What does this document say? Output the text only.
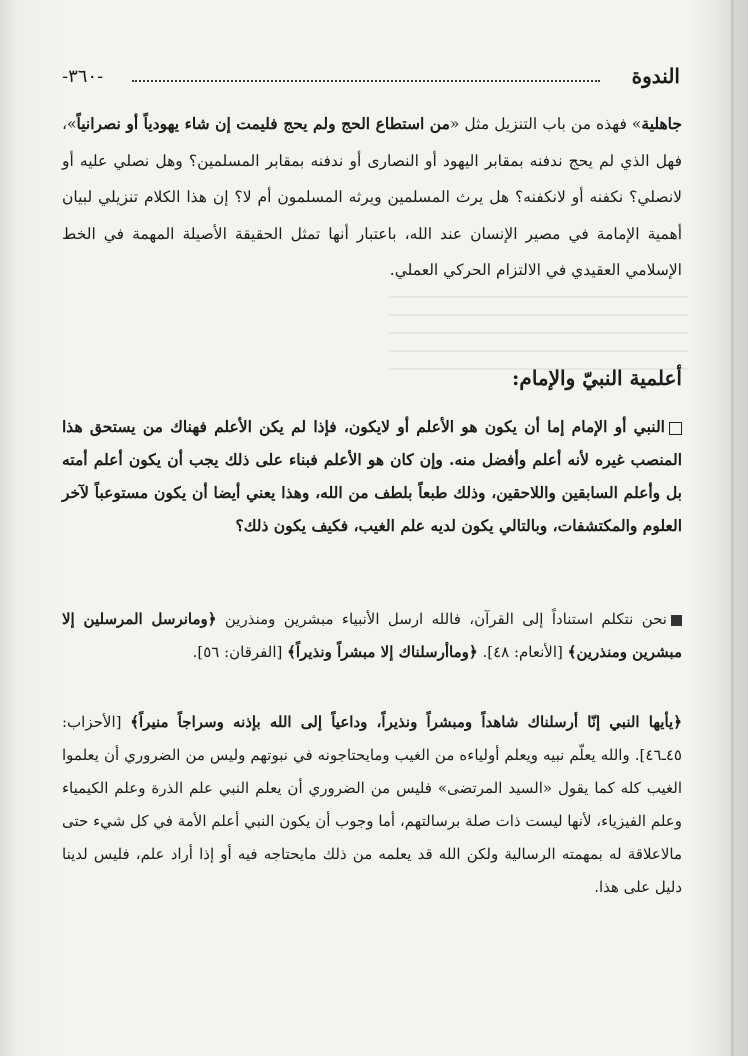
الندوة
-٣٦٠-
جاهلية» فهذه من باب التنزيل مثل «من استطاع الحج ولم يحج فليمت إن شاء يهودياً أو نصرانياً»، فهل الذي لم يحج ندفنه بمقابر اليهود أو النصارى أو ندفنه بمقابر المسلمين؟ وهل نصلي عليه أو لانصلي؟ نكفنه أو لانكفنه؟ هل يرث المسلمين ويرثه المسلمون أم لا؟ إن هذا الكلام تنزيلي لبيان أهمية الإمامة في مصير الإنسان عند الله، باعتبار أنها تمثل الحقيقة الأصيلة المهمة في الخط الإسلامي العقيدي في الالتزام الحركي العملي.
أعلمية النبيّ والإمام:
النبي أو الإمام إما أن يكون هو الأعلم أو لايكون، فإذا لم يكن الأعلم فهناك من يستحق هذا المنصب غيره لأنه أعلم وأفضل منه. وإن كان هو الأعلم فبناء على ذلك يجب أن يكون أعلم أمته بل وأعلم السابقين واللاحقين، وذلك طبعاً بلطف من الله، وهذا يعني أيضا أن يكون مستوعباً لآخر العلوم والمكتشفات، وبالتالي يكون لديه علم الغيب، فكيف يكون ذلك؟
نحن نتكلم استناداً إلى القرآن، فالله ارسل الأنبياء مبشرين ومنذرين ﴿ومانرسل المرسلين إلا مبشرين ومنذرين﴾ [الأنعام: ٤٨]. ﴿وماأرسلناك إلا مبشراً ونذيراً﴾ [الفرقان: ٥٦].
﴿يأيها النبي إنّا أرسلناك شاهداً ومبشراً ونذيراً، وداعياً إلى الله بإذنه وسراجاً منيراً﴾ [الأحزاب: ٤٥ـ٤٦]. والله يعلّم نبيه ويعلم أولياءه من الغيب ومايحتاجونه في نبوتهم وليس من الضروري أن يعلموا الغيب كله كما يقول «السيد المرتضى» فليس من الضروري أن يعلم النبي علم الذرة وعلم الكيمياء وعلم الفيزياء، لأنها ليست ذات صلة برسالتهم، أما وجوب أن يكون النبي أعلم الأمة في كل شيء حتى مالاعلاقة له بمهمته الرسالية ولكن الله قد يعلمه من ذلك مايحتاجه فيه أو إذا أراد علم، فليس لدينا دليل على هذا.
